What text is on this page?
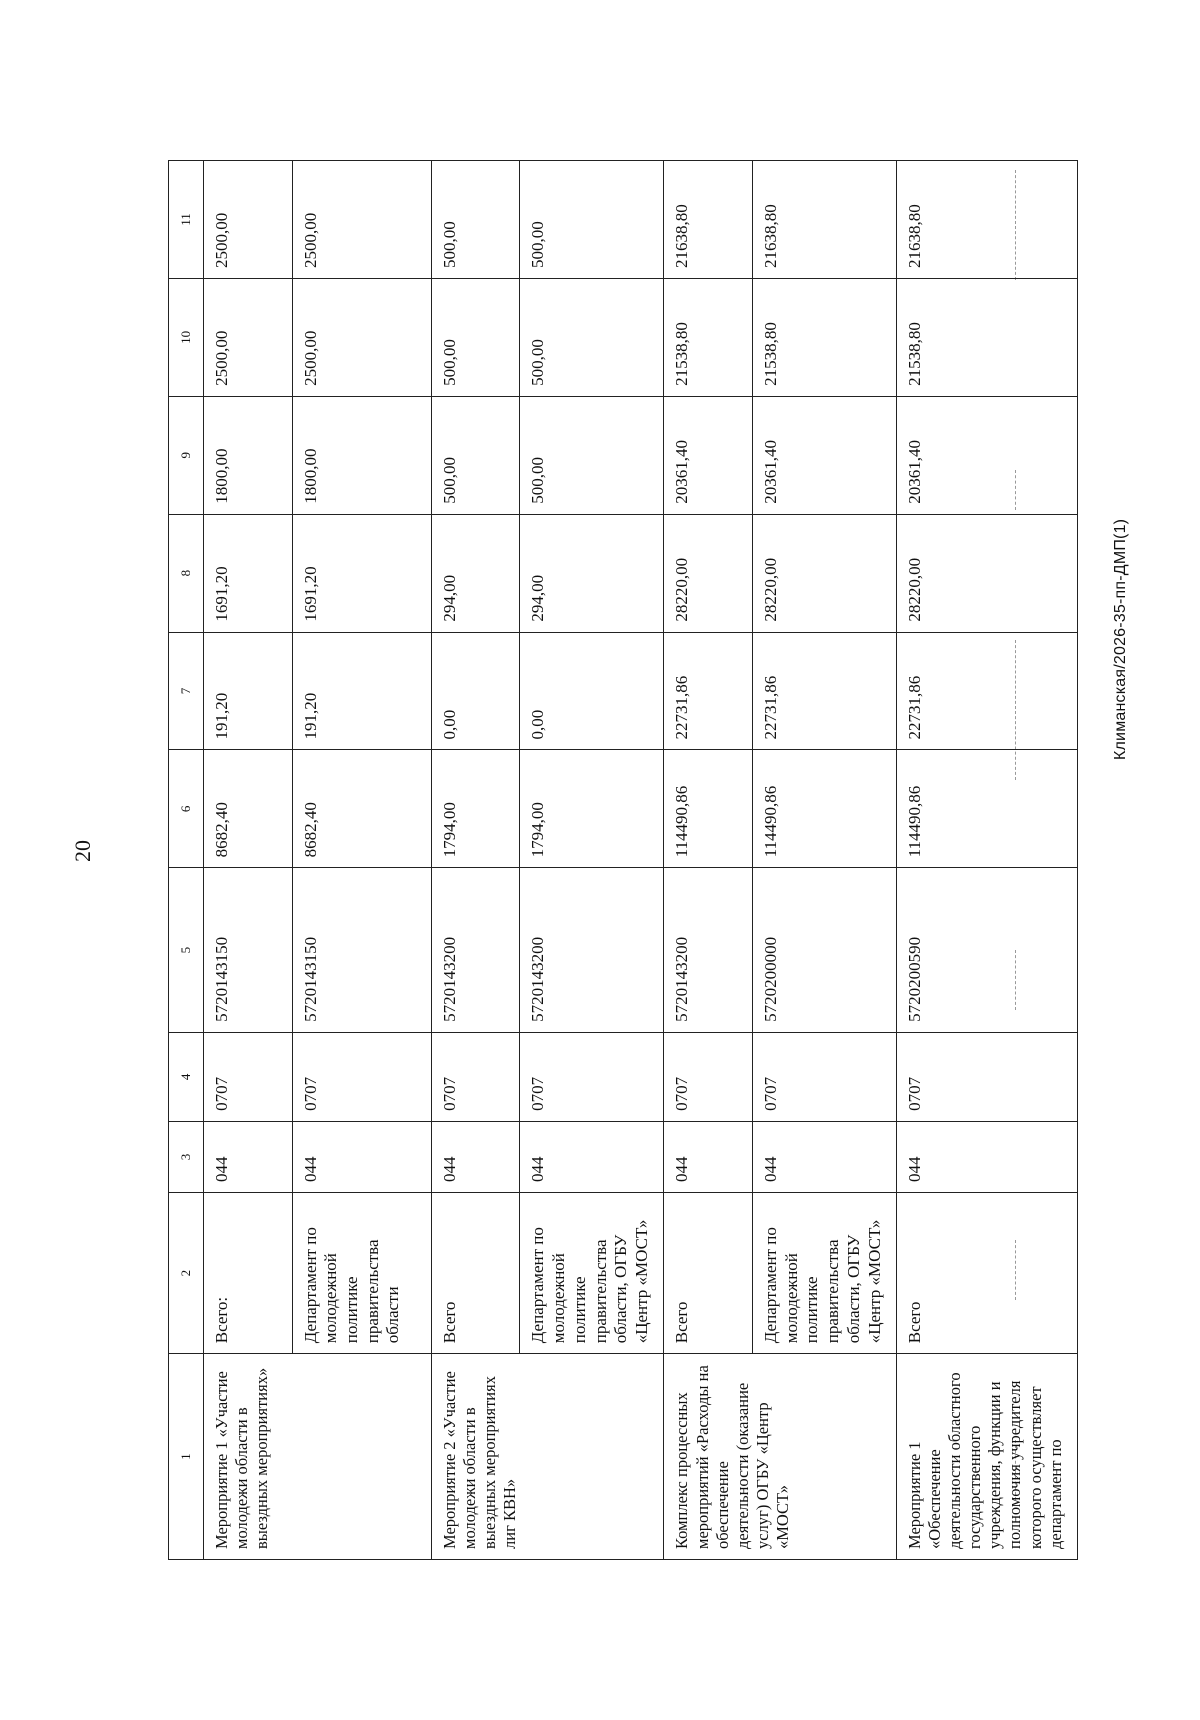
20
Климанская/2026-35-пп-ДМП(1)
1	2	3	4	5	6	7	8	9	10	11
Мероприятие 1 «Участие молодежи области в выездных мероприятиях»	Всего:	044	0707	5720143150	8682,40	191,20	1691,20	1800,00	2500,00	2500,00
	Департамент по молодежной политике правительства области	044	0707	5720143150	8682,40	191,20	1691,20	1800,00	2500,00	2500,00
Мероприятие 2 «Участие молодежи области в выездных мероприятиях лиг КВН»	Всего	044	0707	5720143200	1794,00	0,00	294,00	500,00	500,00	500,00
	Департамент по молодежной политике правительства области, ОГБУ «Центр «МОСТ»	044	0707	5720143200	1794,00	0,00	294,00	500,00	500,00	500,00
Комплекс процессных мероприятий «Расходы на обеспечение деятельности (оказание услуг) ОГБУ «Центр «МОСТ»	Всего	044	0707	5720143200	114490,86	22731,86	28220,00	20361,40	21538,80	21638,80
	Департамент по молодежной политике правительства области, ОГБУ «Центр «МОСТ»	044	0707	5720200000	114490,86	22731,86	28220,00	20361,40	21538,80	21638,80
Мероприятие 1 «Обеспечение деятельности областного государственного учреждения, функции и полномочия учредителя которого осуществляет департамент по	Всего	044	0707	5720200590	114490,86	22731,86	28220,00	20361,40	21538,80	21638,80
